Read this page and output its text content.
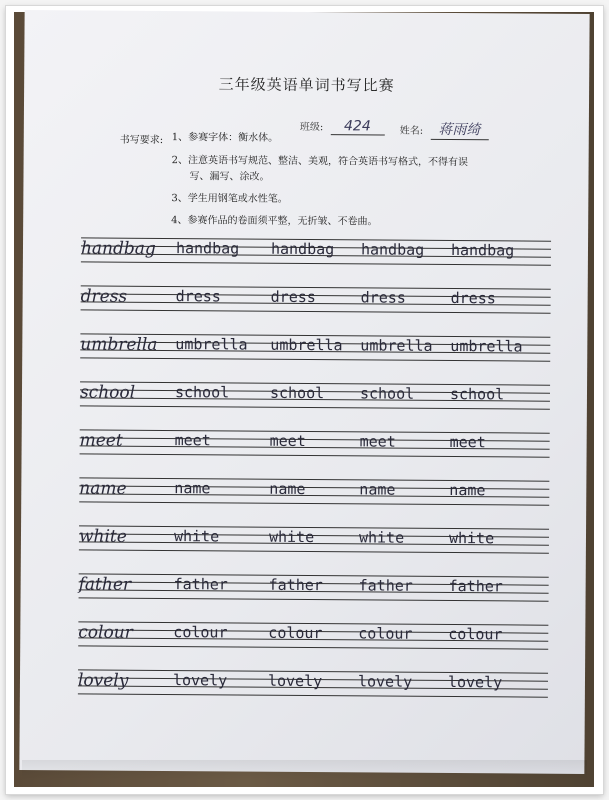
三年级英语单词书写比赛
班级: 424	姓名: 蒋雨绮
书写要求: 1、参赛字体：衡水体。
2、注意英语书写规范、整洁、美观，符合英语书写格式，不得有误
写、漏写、涂改。
3、学生用钢笔或水性笔。
4、参赛作品的卷面须平整，无折皱、不卷曲。
handbag handbag handbag handbag handbag
dress	dress	dress	dress	dress
umbrella umbrella umbrella umbrella umbrella
school	school	school school school
meet	meet	meet	meet	meet
name	name	name	name	name
white	white	white	white	white
father	father	father father father
colour	colour	colour colour colour
lovely	lovely	lovely lovely lovely
